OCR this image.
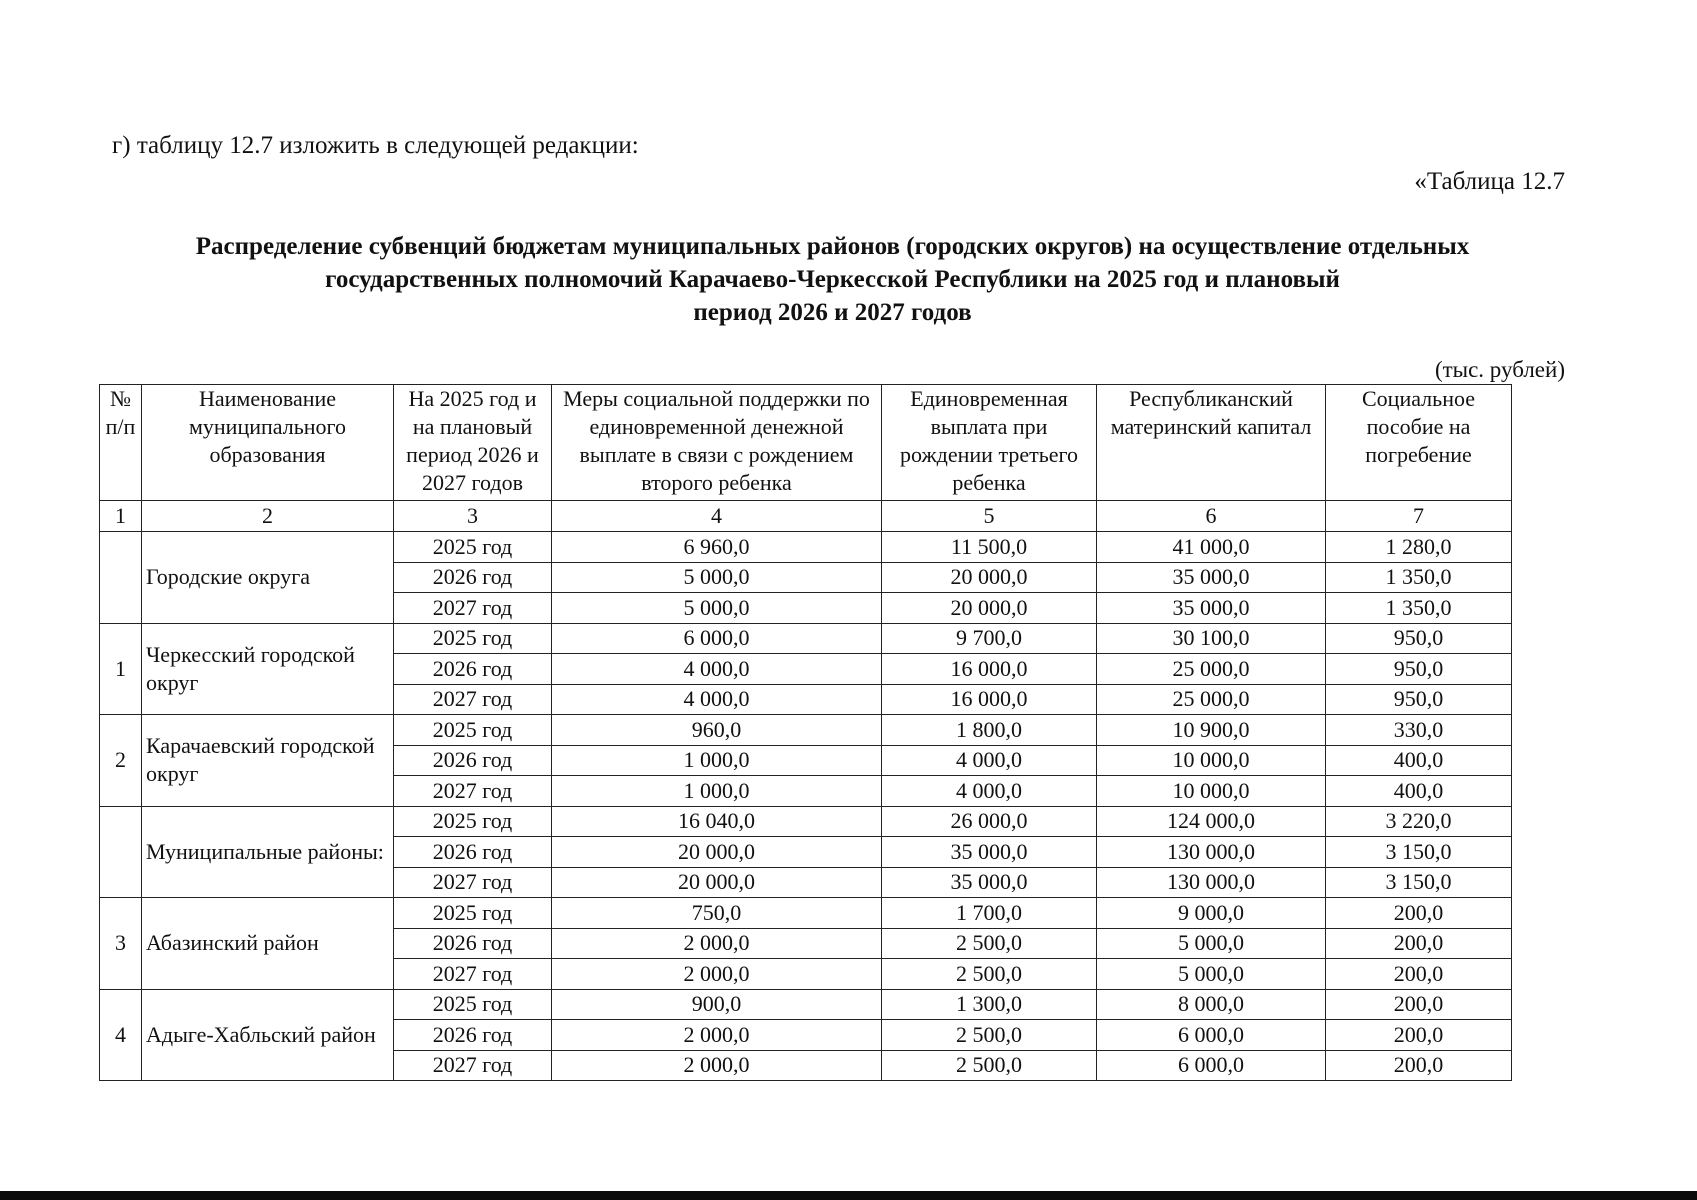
г) таблицу 12.7 изложить в следующей редакции:
«Таблица 12.7
Распределение субвенций бюджетам муниципальных районов (городских округов) на осуществление отдельных
государственных полномочий Карачаево-Черкесской Республики на 2025 год и плановый
период 2026 и 2027 годов
(тыс. рублей)
№ п/п	Наименование муниципального образования	На 2025 год и на плановый период 2026 и 2027 годов	Меры социальной поддержки по единовременной денежной выплате в связи с рождением второго ребенка	Единовременная выплата при рождении третьего ребенка	Республиканский материнский капитал	Социальное пособие на погребение
1	2	3	4	5	6	7
	Городские округа	2025 год	6 960,0	11 500,0	41 000,0	1 280,0
		2026 год	5 000,0	20 000,0	35 000,0	1 350,0
		2027 год	5 000,0	20 000,0	35 000,0	1 350,0
1	Черкесский городской округ	2025 год	6 000,0	9 700,0	30 100,0	950,0
		2026 год	4 000,0	16 000,0	25 000,0	950,0
		2027 год	4 000,0	16 000,0	25 000,0	950,0
2	Карачаевский городской округ	2025 год	960,0	1 800,0	10 900,0	330,0
		2026 год	1 000,0	4 000,0	10 000,0	400,0
		2027 год	1 000,0	4 000,0	10 000,0	400,0
	Муниципальные районы:	2025 год	16 040,0	26 000,0	124 000,0	3 220,0
		2026 год	20 000,0	35 000,0	130 000,0	3 150,0
		2027 год	20 000,0	35 000,0	130 000,0	3 150,0
3	Абазинский район	2025 год	750,0	1 700,0	9 000,0	200,0
		2026 год	2 000,0	2 500,0	5 000,0	200,0
		2027 год	2 000,0	2 500,0	5 000,0	200,0
4	Адыге-Хабльский район	2025 год	900,0	1 300,0	8 000,0	200,0
		2026 год	2 000,0	2 500,0	6 000,0	200,0
		2027 год	2 000,0	2 500,0	6 000,0	200,0
